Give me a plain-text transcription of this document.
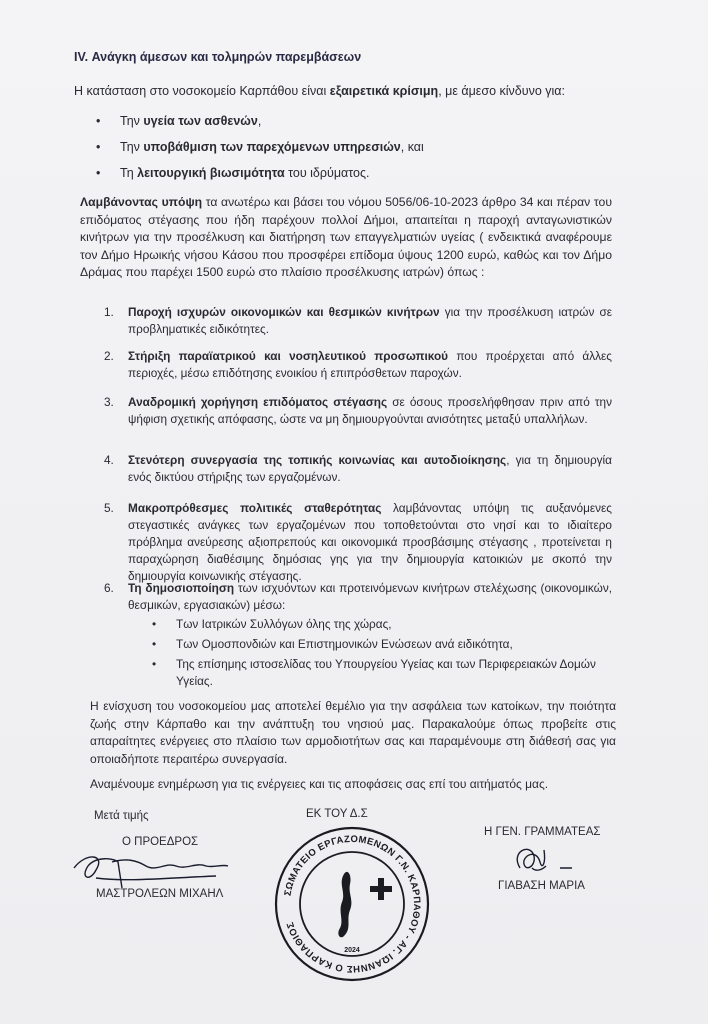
IV. Ανάγκη άμεσων και τολμηρών παρεμβάσεων
Η κατάσταση στο νοσοκομείο Καρπάθου είναι εξαιρετικά κρίσιμη, με άμεσο κίνδυνο για:
• Την υγεία των ασθενών,
• Την υποβάθμιση των παρεχόμενων υπηρεσιών, και
• Τη λειτουργική βιωσιμότητα του ιδρύματος.
Λαμβάνοντας υπόψη τα ανωτέρω και βάσει του νόμου 5056/06-10-2023 άρθρο 34 και πέραν του επιδόματος στέγασης που ήδη παρέχουν πολλοί Δήμοι, απαιτείται η παροχή ανταγωνιστικών κινήτρων για την προσέλκυση και διατήρηση των επαγγελματιών υγείας ( ενδεικτικά αναφέρουμε τον Δήμο Ηρωικής νήσου Κάσου που προσφέρει επίδομα ύψους 1200 ευρώ, καθώς και τον Δήμο Δράμας που παρέχει 1500 ευρώ στο πλαίσιο προσέλκυσης ιατρών) όπως :
1. Παροχή ισχυρών οικονομικών και θεσμικών κινήτρων για την προσέλκυση ιατρών σε προβληματικές ειδικότητες.
2. Στήριξη παραϊατρικού και νοσηλευτικού προσωπικού που προέρχεται από άλλες περιοχές, μέσω επιδότησης ενοικίου ή επιπρόσθετων παροχών.
3. Αναδρομική χορήγηση επιδόματος στέγασης σε όσους προσελήφθησαν πριν από την ψήφιση σχετικής απόφασης, ώστε να μη δημιουργούνται ανισότητες μεταξύ υπαλλήλων.
4. Στενότερη συνεργασία της τοπικής κοινωνίας και αυτοδιοίκησης, για τη δημιουργία ενός δικτύου στήριξης των εργαζομένων.
5. Μακροπρόθεσμες πολιτικές σταθερότητας λαμβάνοντας υπόψη τις αυξανόμενες στεγαστικές ανάγκες των εργαζομένων που τοποθετούνται στο νησί και το ιδιαίτερο πρόβλημα ανεύρεσης αξιοπρεπούς και οικονομικά προσβάσιμης στέγασης , προτείνεται η παραχώρηση διαθέσιμης δημόσιας γης για την δημιουργία κατοικιών με σκοπό την δημιουργία κοινωνικής στέγασης.
6. Τη δημοσιοποίηση των ισχυόντων και προτεινόμενων κινήτρων στελέχωσης (οικονομικών, θεσμικών, εργασιακών) μέσω:
• Των Ιατρικών Συλλόγων όλης της χώρας,
• Των Ομοσπονδιών και Επιστημονικών Ενώσεων ανά ειδικότητα,
• Της επίσημης ιστοσελίδας του Υπουργείου Υγείας και των Περιφερειακών Δομών Υγείας.
Η ενίσχυση του νοσοκομείου μας αποτελεί θεμέλιο για την ασφάλεια των κατοίκων, την ποιότητα ζωής στην Κάρπαθο και την ανάπτυξη του νησιού μας. Παρακαλούμε όπως προβείτε στις απαραίτητες ενέργειες στο πλαίσιο των αρμοδιοτήτων σας και παραμένουμε στη διάθεσή σας για οποιαδήποτε περαιτέρω συνεργασία.
Αναμένουμε ενημέρωση για τις ενέργειες και τις αποφάσεις σας επί του αιτήματός μας.
Μετά τιμής	ΕΚ ΤΟΥ Δ.Σ
Ο ΠΡΟΕΔΡΟΣ
ΜΑΣΤΡΟΛΕΩΝ ΜΙΧΑΗΛ
Η ΓΕΝ. ΓΡΑΜΜΑΤΕΑΣ
ΓΙΑΒΑΣΗ ΜΑΡΙΑ
ΣΩΜΑΤΕΙΟ ΕΡΓΑΖΟΜΕΝΩΝ Γ.Ν. ΚΑΡΠΑΘΟΥ - ΑΓ. ΙΩΑΝΝΗΣ Ο ΚΑΡΠΑΘΙΟΣ
2024
